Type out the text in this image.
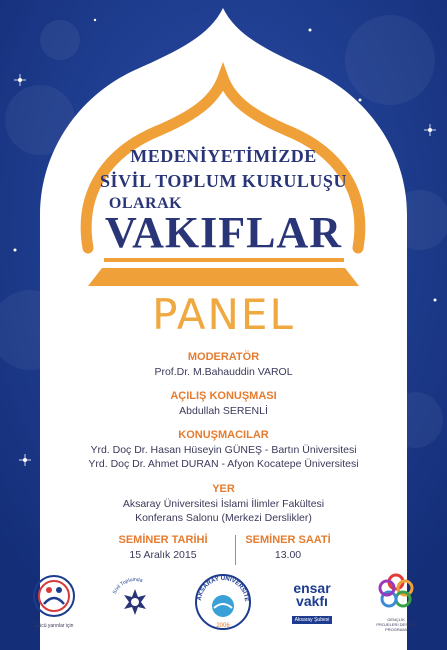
MEDENİYETİMİZDE
SİVİL TOPLUM KURULUŞU
OLARAK
VAKIFLAR
PANEL
MODERATÖR
Prof.Dr. M.Bahauddin VAROL
AÇILIŞ KONUŞMASI
Abdullah SERENLİ
KONUŞMACILAR
Yrd. Doç Dr. Hasan Hüseyin GÜNEŞ - Bartın Üniversitesi
Yrd. Doç Dr. Ahmet DURAN - Afyon Kocatepe Üniversitesi
YER
Aksaray Üniversitesi İslami İlimler Fakültesi
Konferans Salonu (Merkezi Derslikler)
SEMİNER TARİHİ
15 Aralık 2015
SEMİNER SAATİ
13.00
Gücü yarınlar için
Sivil Toplumda
AKSARAY ÜNİVERSİTE
2006
ensar
vakfı
Aksaray Şubesi	GENÇLİK PROJELERİ DESTEK PROGRAMI
